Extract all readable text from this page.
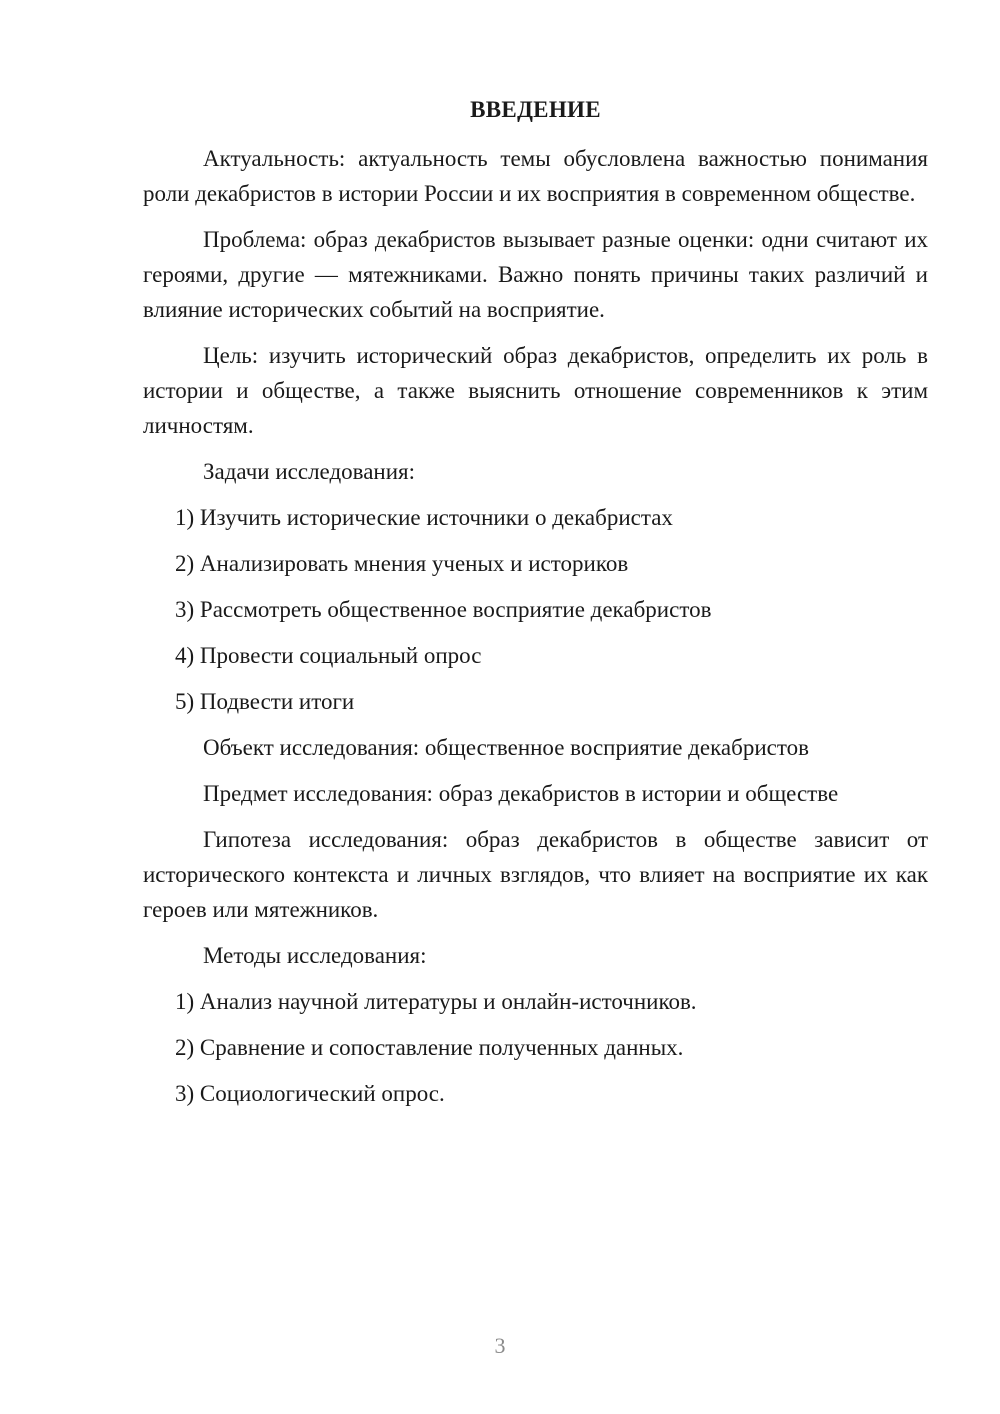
ВВЕДЕНИЕ

Актуальность: актуальность темы обусловлена важностью понимания роли декабристов в истории России и их восприятия в современном обществе.

Проблема: образ декабристов вызывает разные оценки: одни считают их героями, другие — мятежниками. Важно понять причины таких различий и влияние исторических событий на восприятие.

Цель: изучить исторический образ декабристов, определить их роль в истории и обществе, а также выяснить отношение современников к этим личностям.

Задачи исследования:

1) Изучить исторические источники о декабристах
2) Анализировать мнения ученых и историков
3) Рассмотреть общественное восприятие декабристов
4) Провести социальный опрос
5) Подвести итоги

Объект исследования: общественное восприятие декабристов

Предмет исследования: образ декабристов в истории и обществе

Гипотеза исследования: образ декабристов в обществе зависит от исторического контекста и личных взглядов, что влияет на восприятие их как героев или мятежников.

Методы исследования:

1) Анализ научной литературы и онлайн-источников.
2) Сравнение и сопоставление полученных данных.
3) Социологический опрос.
3
